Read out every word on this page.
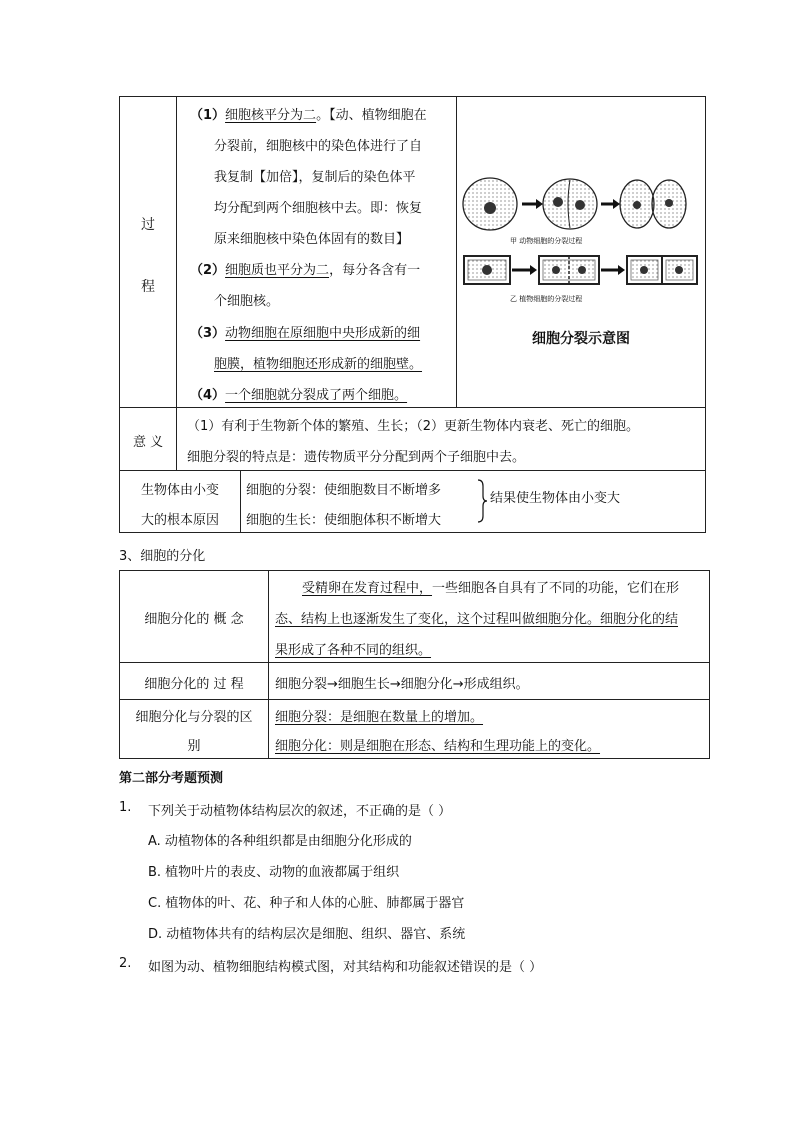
过
程
（1）细胞核平分为二。【动、植物细胞在
分裂前，细胞核中的染色体进行了自
我复制【加倍】，复制后的染色体平
均分配到两个细胞核中去。即：恢复
原来细胞核中染色体固有的数目】
（2）细胞质也平分为二，每分各含有一
个细胞核。
（3）动物细胞在原细胞中央形成新的细
胞膜，植物细胞还形成新的细胞壁。
（4）一个细胞就分裂成了两个细胞。
甲 动物细胞的分裂过程
乙 植物细胞的分裂过程
细胞分裂示意图
意 义
（1）有利于生物新个体的繁殖、生长；（2）更新生物体内衰老、死亡的细胞。
细胞分裂的特点是：遗传物质平分分配到两个子细胞中去。
生物体由小变
大的根本原因
细胞的分裂：使细胞数目不断增多
细胞的生长：使细胞体积不断增大
结果使生物体由小变大
3、细胞的分化
细胞分化的 概 念
受精卵在发育过程中，一些细胞各自具有了不同的功能，它们在形
态、结构上也逐渐发生了变化，这个过程叫做细胞分化。细胞分化的结
果形成了各种不同的组织。
细胞分化的 过 程	细胞分裂→细胞生长→细胞分化→形成组织。
细胞分化与分裂的区
别
细胞分裂：是细胞在数量上的增加。
细胞分化：则是细胞在形态、结构和生理功能上的变化。
第二部分考题预测
1. 下列关于动植物体结构层次的叙述，不正确的是（ ）
A. 动植物体的各种组织都是由细胞分化形成的
B. 植物叶片的表皮、动物的血液都属于组织
C. 植物体的叶、花、种子和人体的心脏、肺都属于器官
D. 动植物体共有的结构层次是细胞、组织、器官、系统
2. 如图为动、植物细胞结构模式图，对其结构和功能叙述错误的是（ ）
